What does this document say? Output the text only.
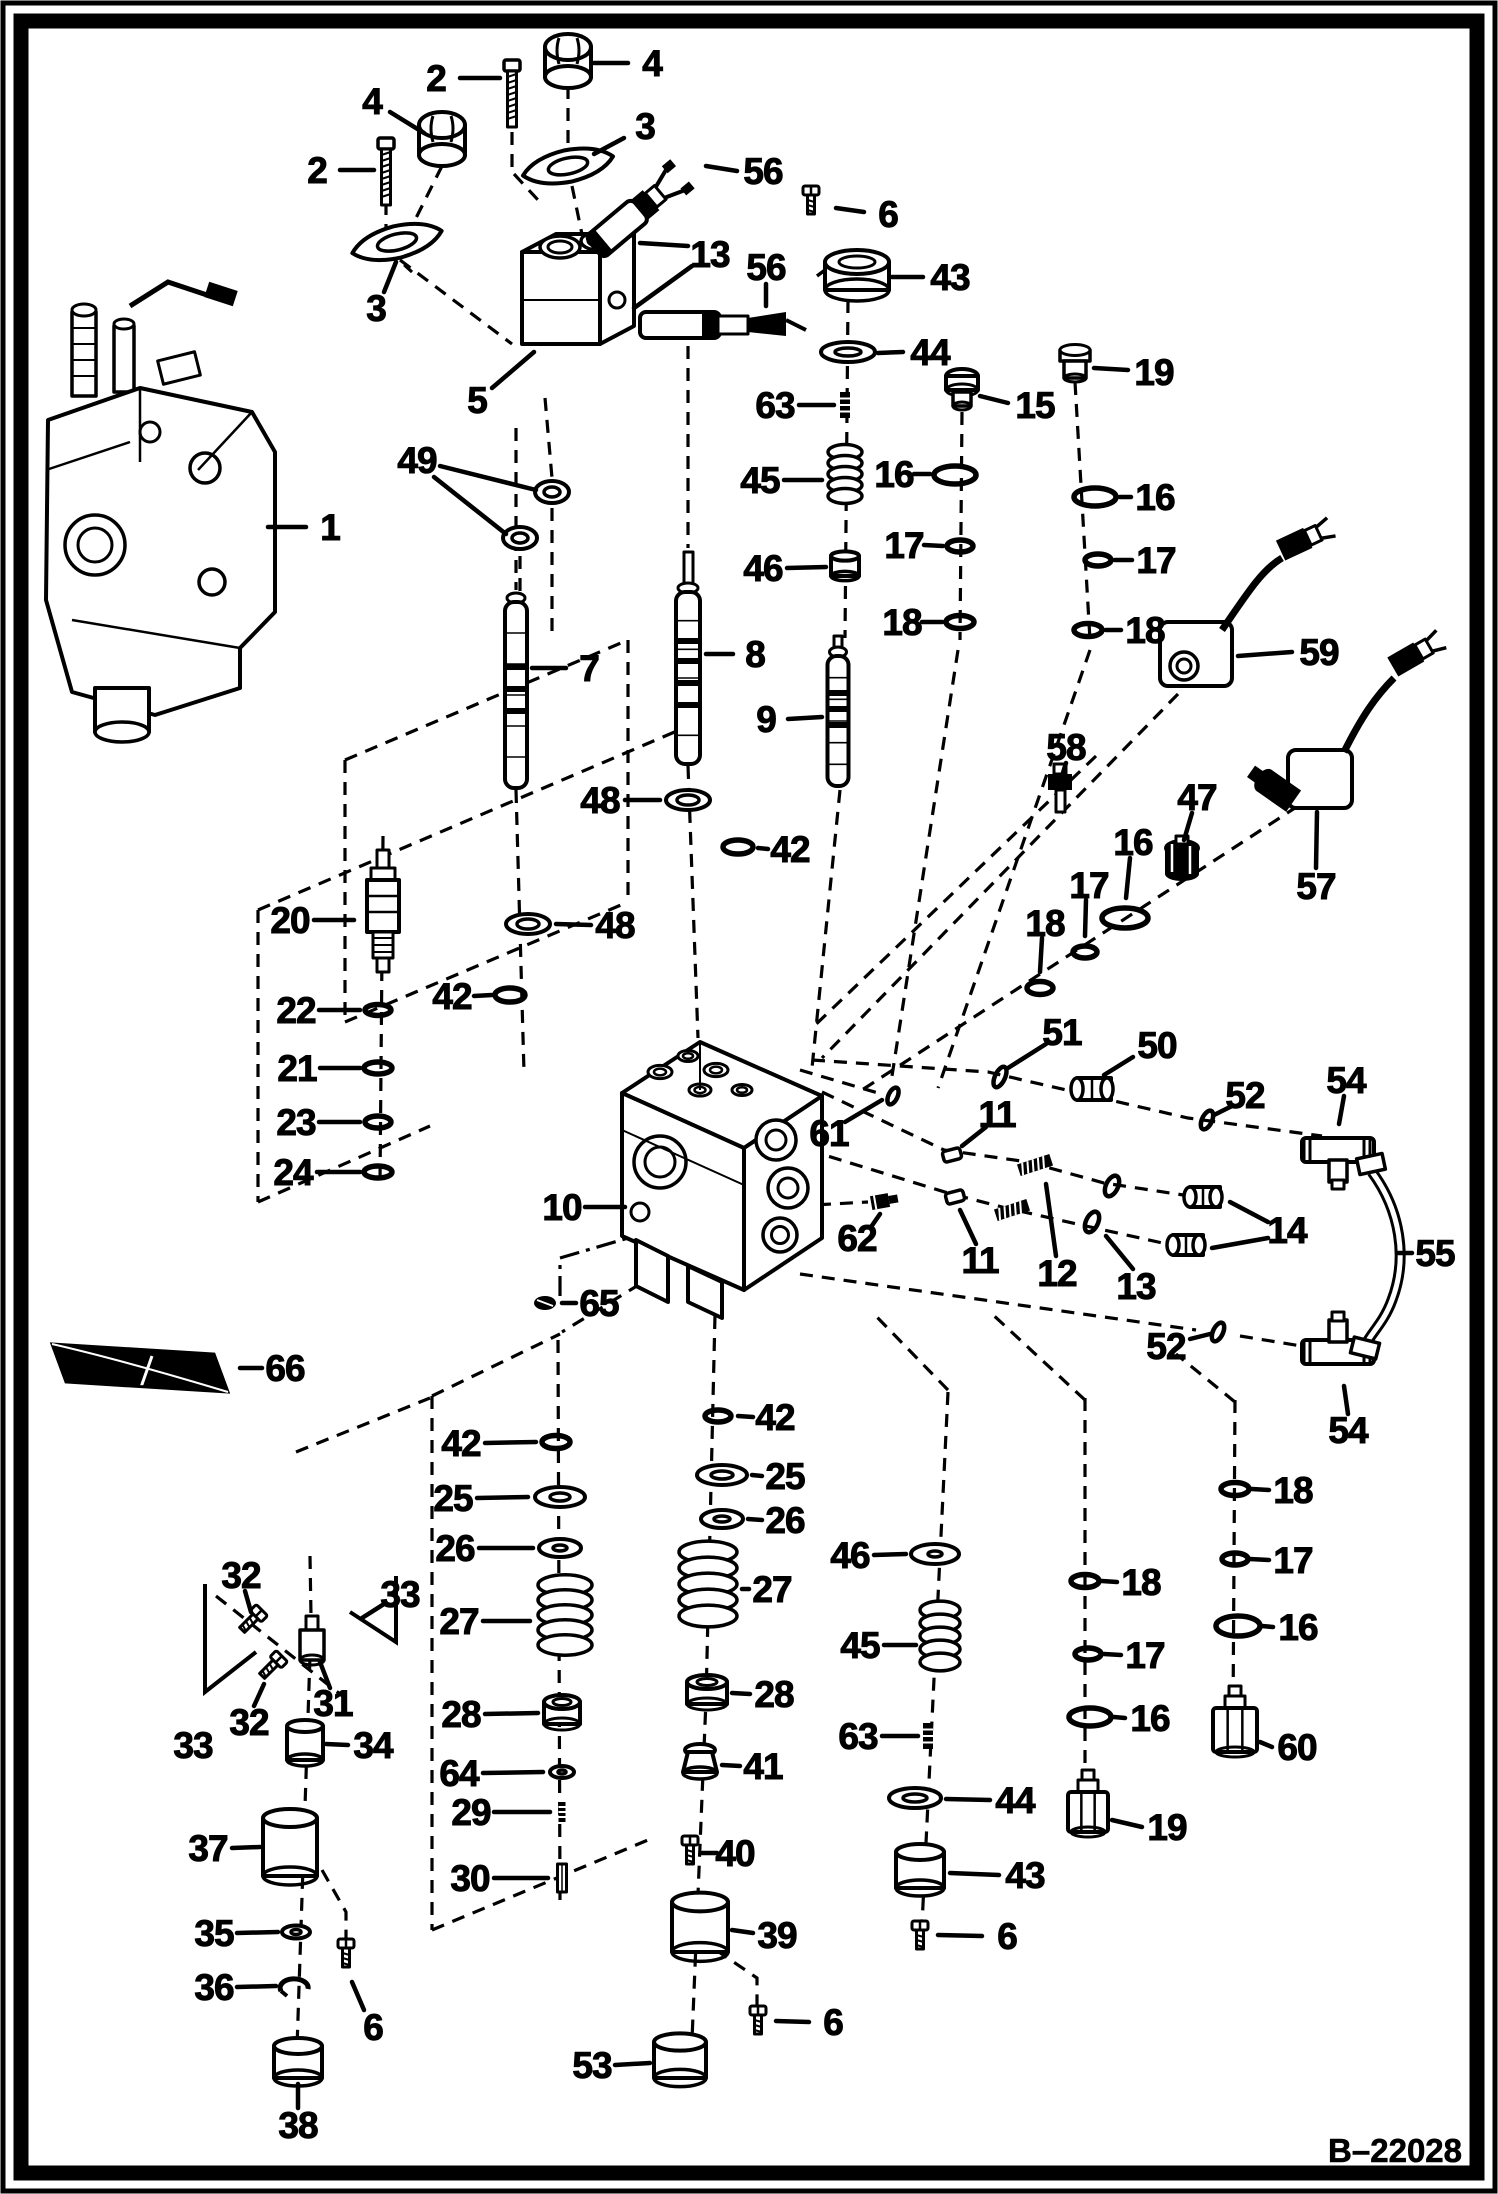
2	4
2
4
3
3
56
6
13 56	43
44	19
15
63
16
45
17
46
18
16
17
18
59
7	8
9
58
47
16
17
18
57
48
42
48
20
42
22
21
23
24
51 50
52 54
61	11
10
62
11 12 13
14
55
52
54
65
66
42
25
26
27
28
64
29
30
42
25
26
27
28
41
40
39
46
45
63
44
43
6
6
32	33
31
32
34
33
37
35
36
6
38
53
18
17
16
19
18
17
16
60
49
5
1
B–22028
